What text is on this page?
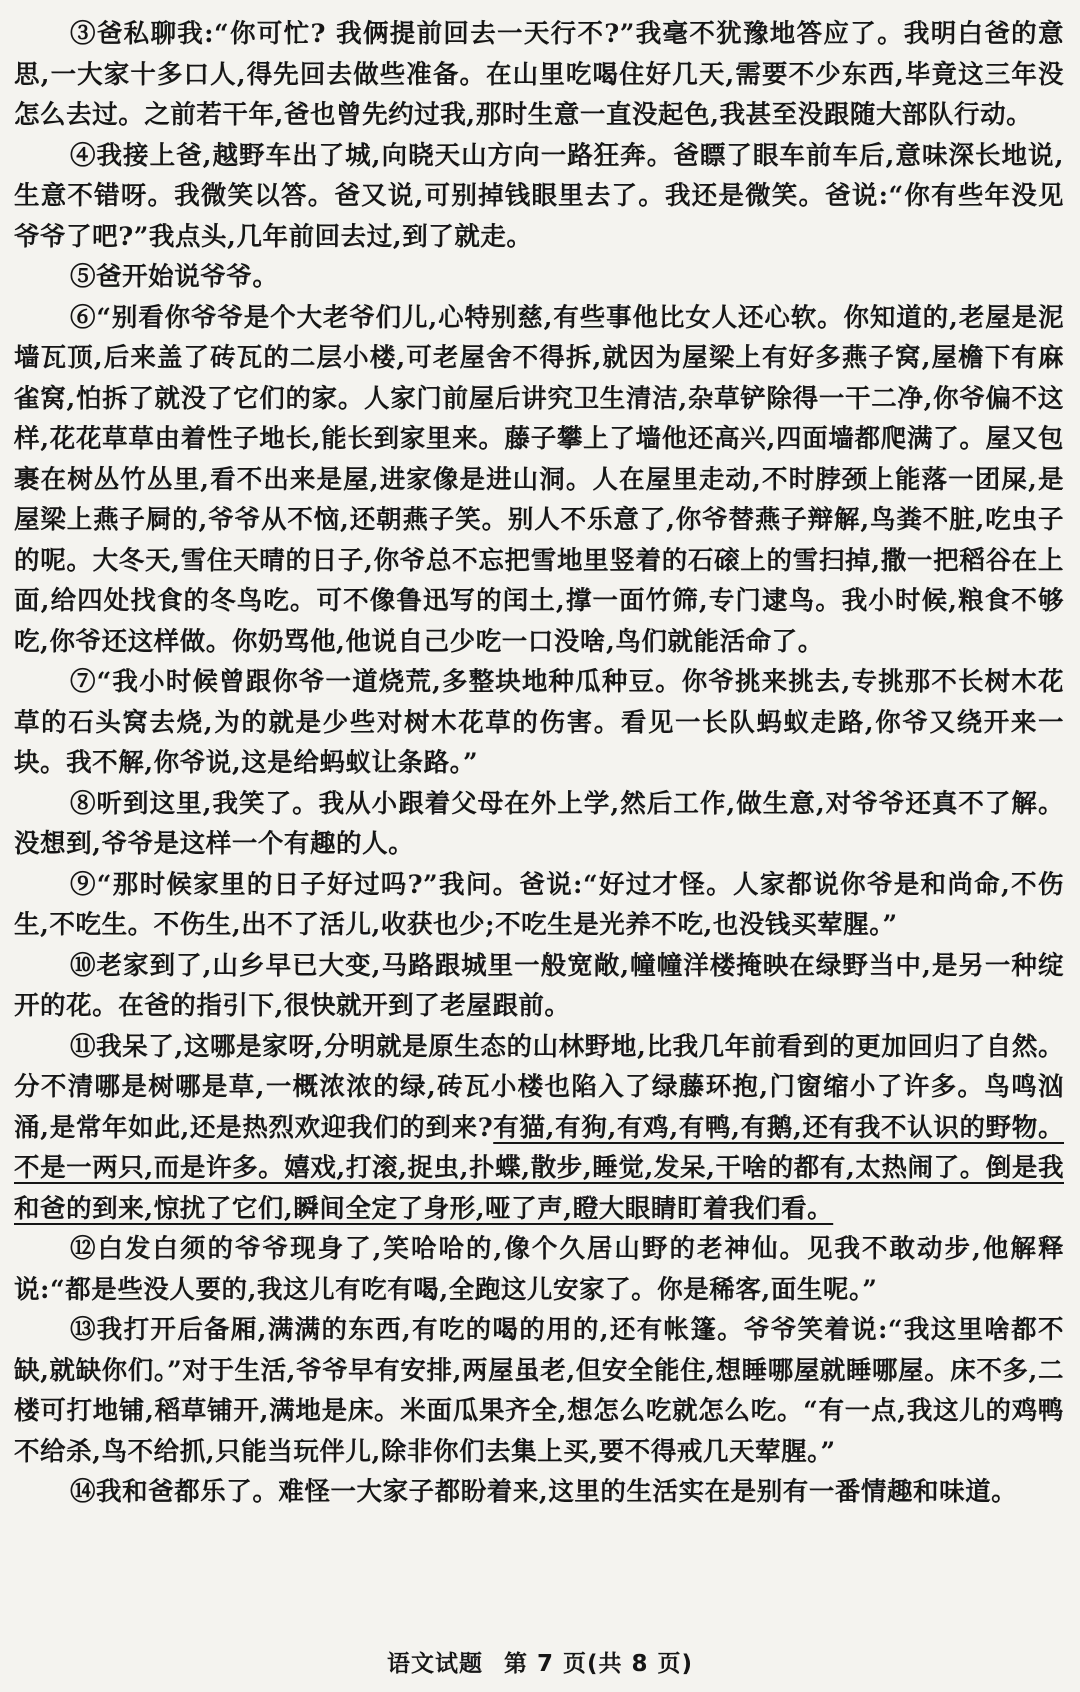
③爸私聊我:“你可忙? 我俩提前回去一天行不?”我毫不犹豫地答应了。我明白爸的意思,一大家十多口人,得先回去做些准备。在山里吃喝住好几天,需要不少东西,毕竟这三年没怎么去过。之前若干年,爸也曾先约过我,那时生意一直没起色,我甚至没跟随大部队行动。

④我接上爸,越野车出了城,向晓天山方向一路狂奔。爸瞟了眼车前车后,意味深长地说,生意不错呀。我微笑以答。爸又说,可别掉钱眼里去了。我还是微笑。爸说:“你有些年没见爷爷了吧?”我点头,几年前回去过,到了就走。

⑤爸开始说爷爷。

⑥“别看你爷爷是个大老爷们儿,心特别慈,有些事他比女人还心软。你知道的,老屋是泥墙瓦顶,后来盖了砖瓦的二层小楼,可老屋舍不得拆,就因为屋梁上有好多燕子窝,屋檐下有麻雀窝,怕拆了就没了它们的家。人家门前屋后讲究卫生清洁,杂草铲除得一干二净,你爷偏不这样,花花草草由着性子地长,能长到家里来。藤子攀上了墙他还高兴,四面墙都爬满了。屋又包裹在树丛竹丛里,看不出来是屋,进家像是进山洞。人在屋里走动,不时脖颈上能落一团屎,是屋梁上燕子屙的,爷爷从不恼,还朝燕子笑。别人不乐意了,你爷替燕子辩解,鸟粪不脏,吃虫子的呢。大冬天,雪住天晴的日子,你爷总不忘把雪地里竖着的石磙上的雪扫掉,撒一把稻谷在上面,给四处找食的冬鸟吃。可不像鲁迅写的闰土,撑一面竹筛,专门逮鸟。我小时候,粮食不够吃,你爷还这样做。你奶骂他,他说自己少吃一口没啥,鸟们就能活命了。

⑦“我小时候曾跟你爷一道烧荒,多整块地种瓜种豆。你爷挑来挑去,专挑那不长树木花草的石头窝去烧,为的就是少些对树木花草的伤害。看见一长队蚂蚁走路,你爷又绕开来一块。我不解,你爷说,这是给蚂蚁让条路。”

⑧听到这里,我笑了。我从小跟着父母在外上学,然后工作,做生意,对爷爷还真不了解。没想到,爷爷是这样一个有趣的人。

⑨“那时候家里的日子好过吗?”我问。爸说:“好过才怪。人家都说你爷是和尚命,不伤生,不吃生。不伤生,出不了活儿,收获也少;不吃生是光养不吃,也没钱买荤腥。”

⑩老家到了,山乡早已大变,马路跟城里一般宽敞,幢幢洋楼掩映在绿野当中,是另一种绽开的花。在爸的指引下,很快就开到了老屋跟前。

⑪我呆了,这哪是家呀,分明就是原生态的山林野地,比我几年前看到的更加回归了自然。分不清哪是树哪是草,一概浓浓的绿,砖瓦小楼也陷入了绿藤环抱,门窗缩小了许多。鸟鸣汹涌,是常年如此,还是热烈欢迎我们的到来?有猫,有狗,有鸡,有鸭,有鹅,还有我不认识的野物。不是一两只,而是许多。嬉戏,打滚,捉虫,扑蝶,散步,睡觉,发呆,干啥的都有,太热闹了。倒是我和爸的到来,惊扰了它们,瞬间全定了身形,哑了声,瞪大眼睛盯着我们看。

⑫白发白须的爷爷现身了,笑哈哈的,像个久居山野的老神仙。见我不敢动步,他解释说:“都是些没人要的,我这儿有吃有喝,全跑这儿安家了。你是稀客,面生呢。”

⑬我打开后备厢,满满的东西,有吃的喝的用的,还有帐篷。爷爷笑着说:“我这里啥都不缺,就缺你们。”对于生活,爷爷早有安排,两屋虽老,但安全能住,想睡哪屋就睡哪屋。床不多,二楼可打地铺,稻草铺开,满地是床。米面瓜果齐全,想怎么吃就怎么吃。“有一点,我这儿的鸡鸭不给杀,鸟不给抓,只能当玩伴儿,除非你们去集上买,要不得戒几天荤腥。”

⑭我和爸都乐了。难怪一大家子都盼着来,这里的生活实在是别有一番情趣和味道。

语文试题 第 7 页(共 8 页)
